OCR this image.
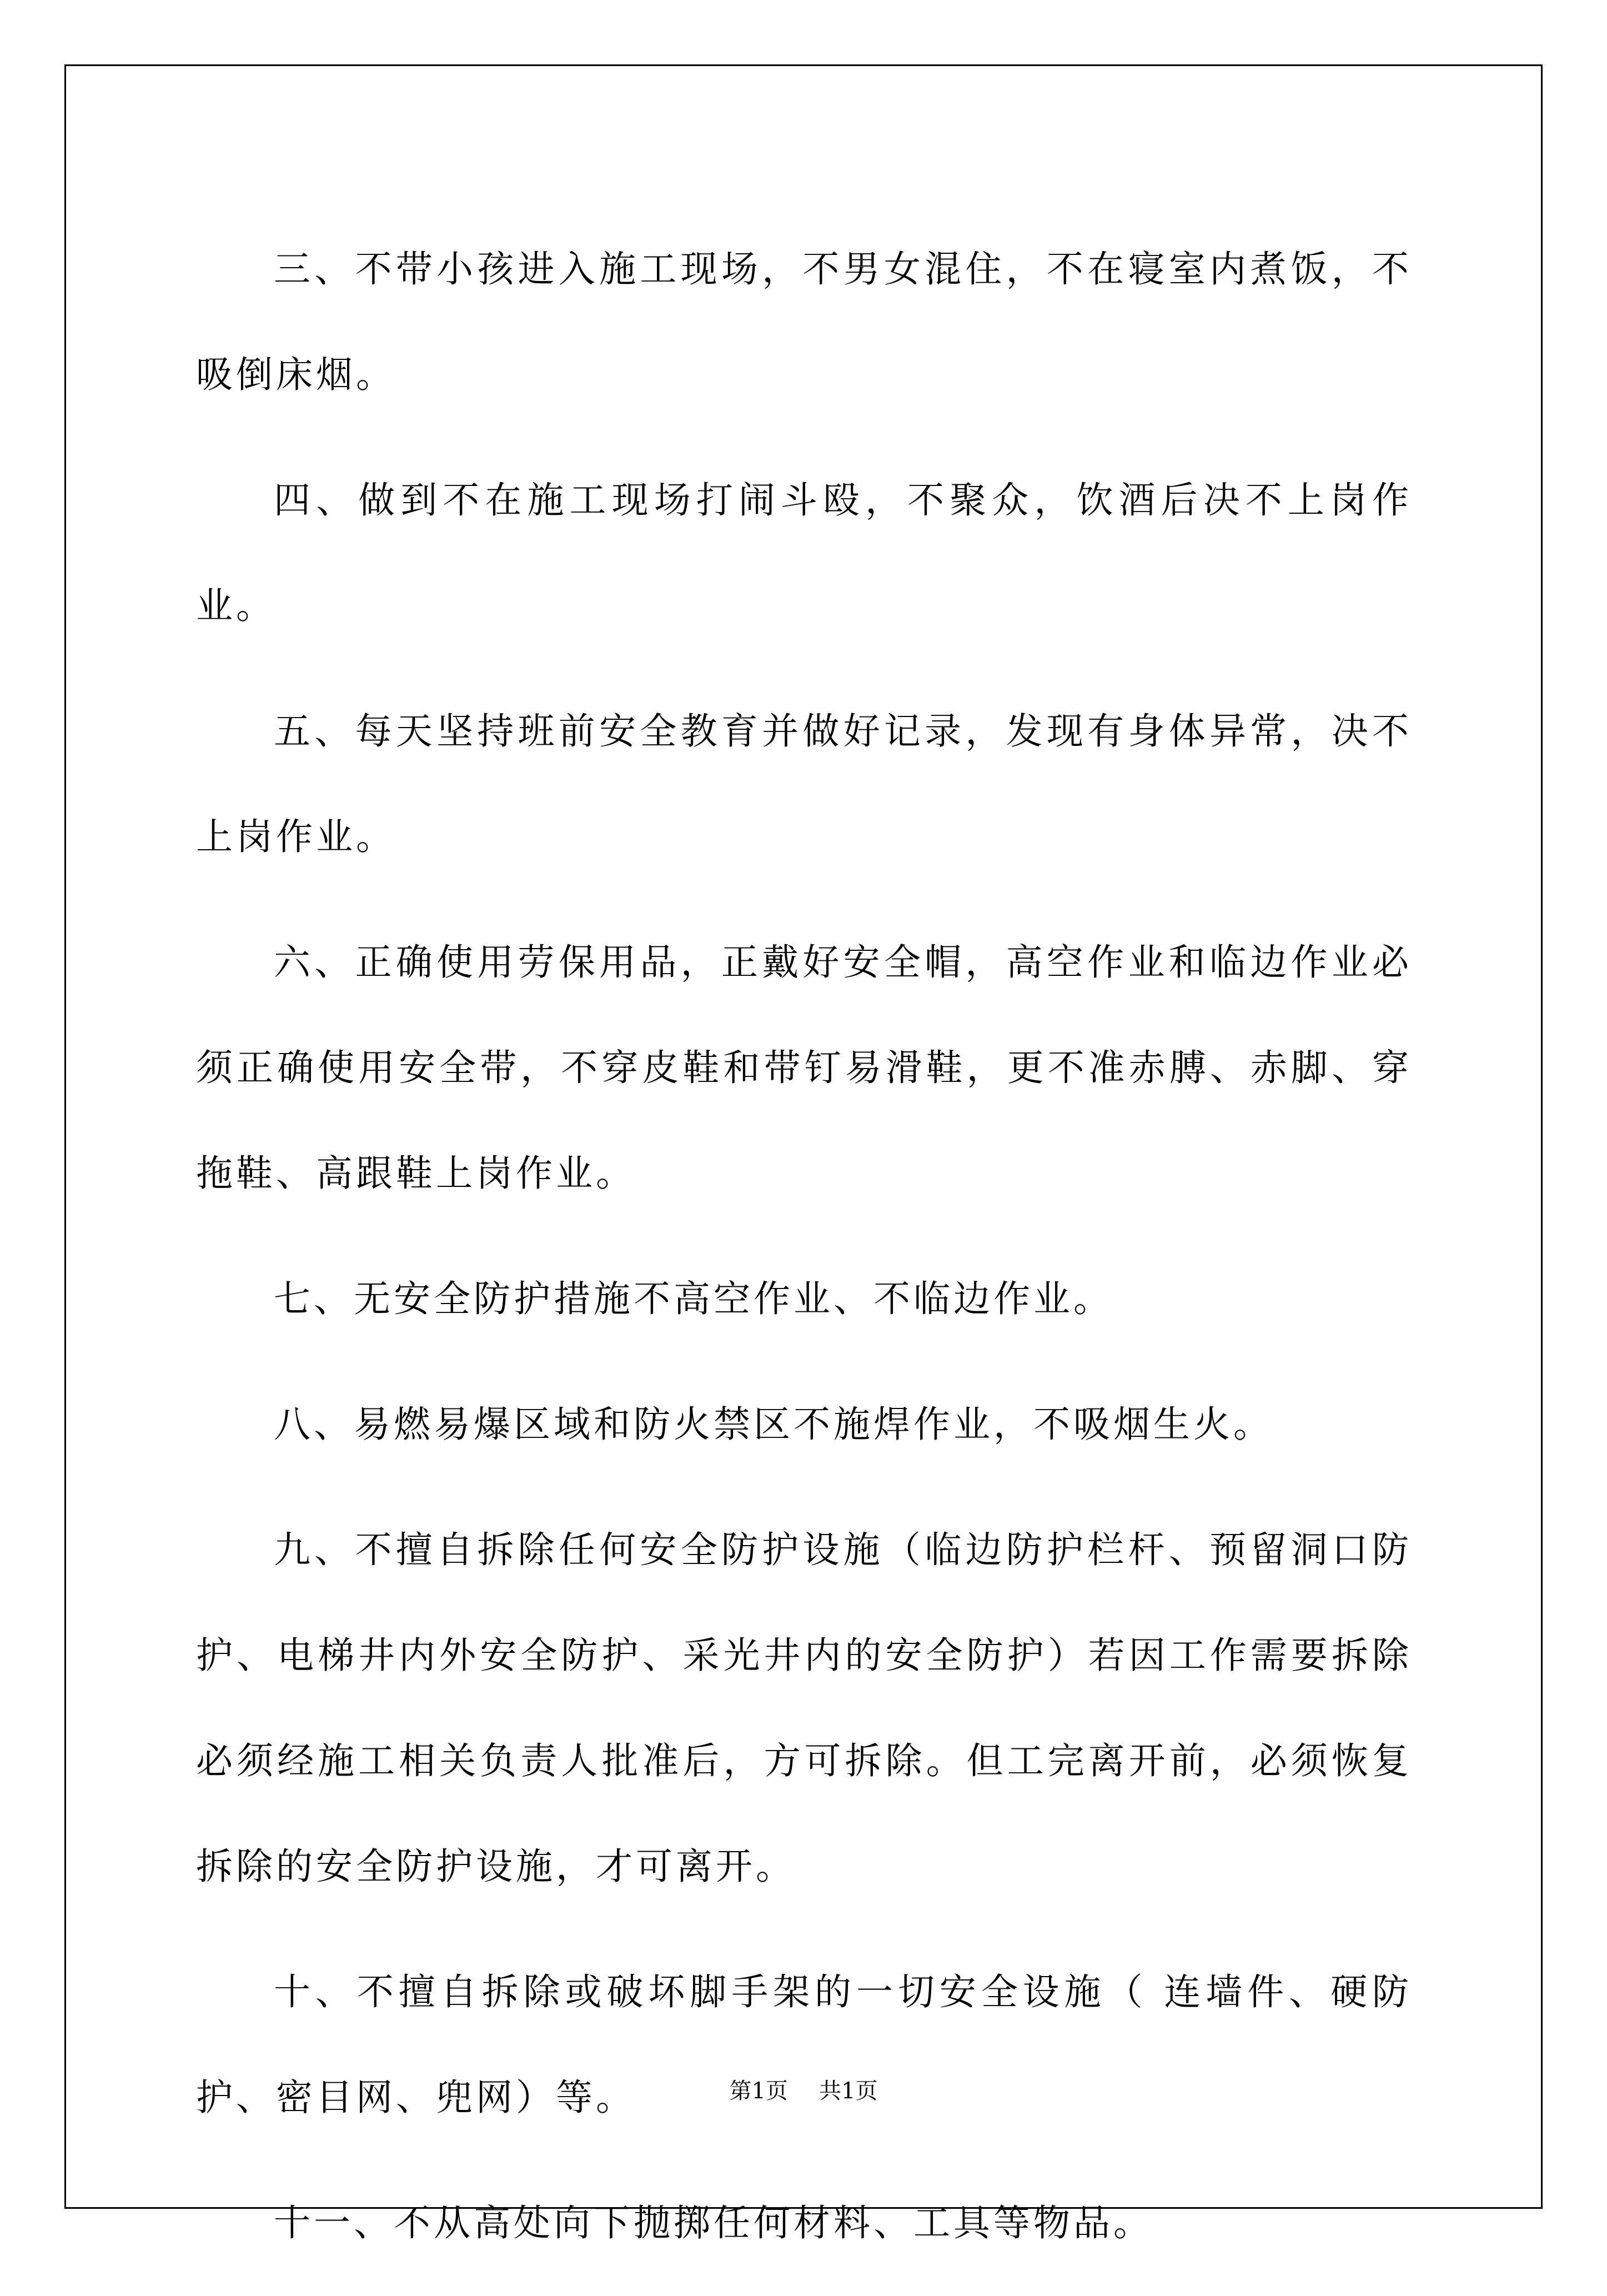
三、不带小孩进入施工现场，不男女混住，不在寝室内煮饭，不吸倒床烟。

四、做到不在施工现场打闹斗殴，不聚众，饮酒后决不上岗作业。

五、每天坚持班前安全教育并做好记录，发现有身体异常，决不上岗作业。

六、正确使用劳保用品，正戴好安全帽，高空作业和临边作业必须正确使用安全带，不穿皮鞋和带钉易滑鞋，更不准赤膊、赤脚、穿拖鞋、高跟鞋上岗作业。

七、无安全防护措施不高空作业、不临边作业。

八、易燃易爆区域和防火禁区不施焊作业，不吸烟生火。

九、不擅自拆除任何安全防护设施（临边防护栏杆、预留洞口防护、电梯井内外安全防护、采光井内的安全防护）若因工作需要拆除必须经施工相关负责人批准后，方可拆除。但工完离开前，必须恢复拆除的安全防护设施，才可离开。

十、不擅自拆除或破坏脚手架的一切安全设施（ 连墙件、硬防护、密目网、兜网）等。

十一、不从高处向下抛掷任何材料、工具等物品。

第1页 共1页
